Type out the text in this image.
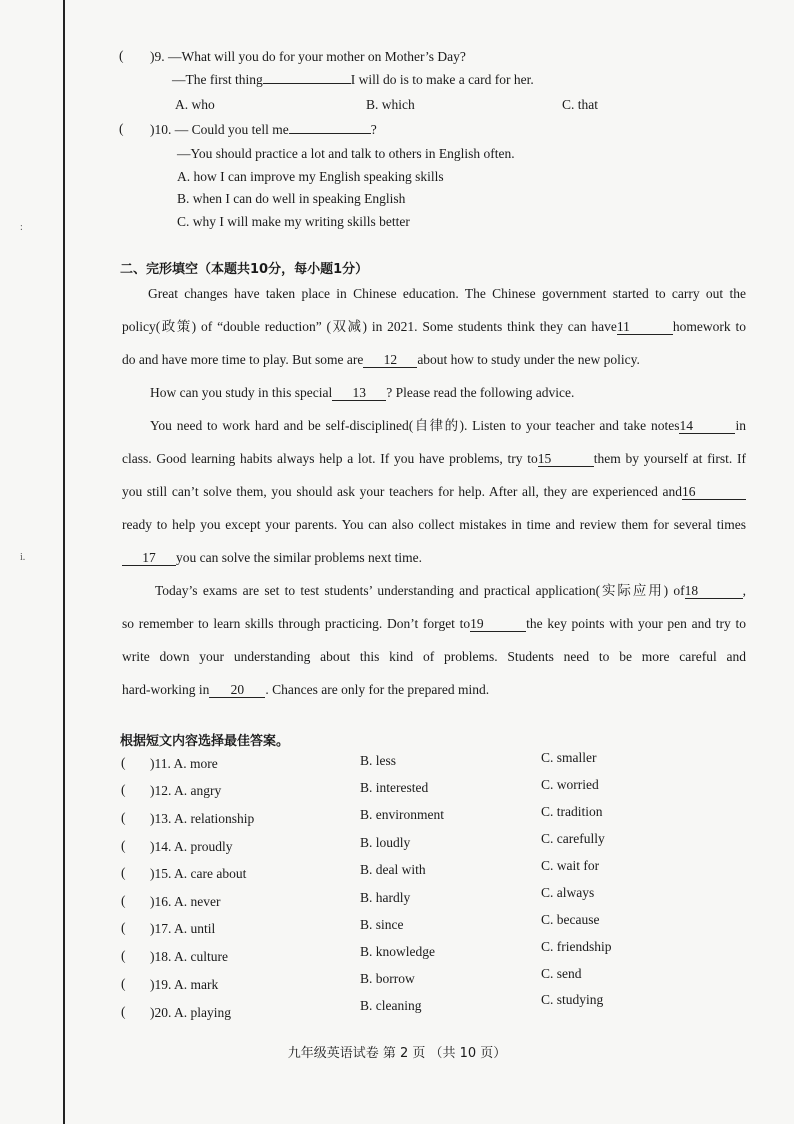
:
i.
( )9. —What will you do for your mother on Mother’s Day?
—The first thing	I will do is to make a card for her.
A. who	B. which	C. that
( )10. — Could you tell me	?
—You should practice a lot and talk to others in English often.
A. how I can improve my English speaking skills
B. when I can do well in speaking English
C. why I will make my writing skills better
二、完形填空（本题共10分，每小题1分）
Great changes have taken place in Chinese education. The Chinese government started to carry out the
policy(政策) of “double reduction” (双减) in 2021. Some students think they can have11	homework to
do and have more time to play. But some are 12 about how to study under the new policy.
How can you study in this special 13 ? Please read the following advice.
You need to work hard and be self-disciplined(自律的). Listen to your teacher and take notes14	in
class. Good learning habits always help a lot. If you have problems, try to15	them by yourself at first. If
you still can’t solve them, you should ask your teachers for help. After all, they are experienced and16
ready to help you except your parents. You can also collect mistakes in time and review them for several times
17 you can solve the similar problems next time.
Today’s exams are set to test students’ understanding and practical application(实际应用) of18	,
so remember to learn skills through practicing. Don’t forget to19	the key points with your pen and try to
write down your understanding about this kind of problems. Students need to be more careful and
hard-working in 20 . Chances are only for the prepared mind.
根据短文内容选择最佳答案。
( )11. A. more	B. less	C. smaller
( )12. A. angry	B. interested	C. worried
( )13. A. relationship	B. environment	C. tradition
( )14. A. proudly	B. loudly	C. carefully
( )15. A. care about	B. deal with	C. wait for
( )16. A. never	B. hardly	C. always
( )17. A. until	B. since	C. because
( )18. A. culture	B. knowledge	C. friendship
( )19. A. mark	B. borrow	C. send
( )20. A. playing	B. cleaning	C. studying
九年级英语试卷 第 2 页 （共 10 页）
